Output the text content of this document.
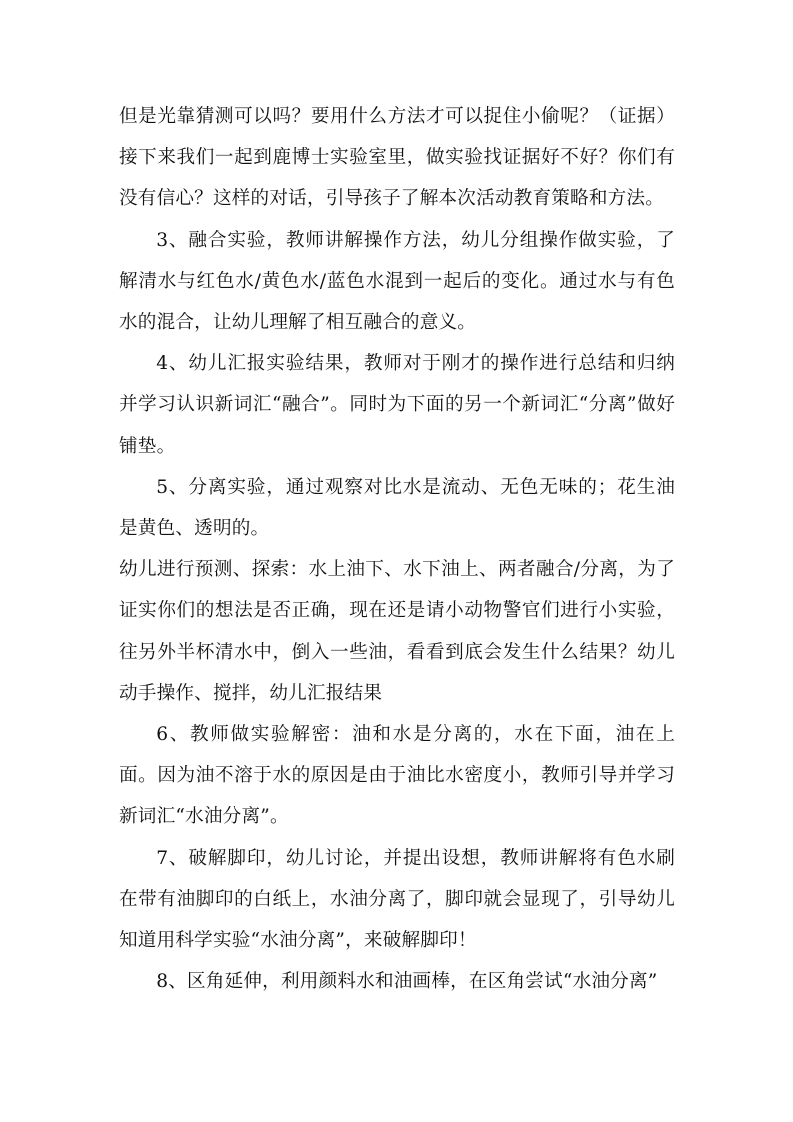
但是光靠猜测可以吗？要用什么方法才可以捉住小偷呢？（证据）接下来我们一起到鹿博士实验室里，做实验找证据好不好？你们有没有信心？这样的对话，引导孩子了解本次活动教育策略和方法。

3、融合实验，教师讲解操作方法，幼儿分组操作做实验，了解清水与红色水/黄色水/蓝色水混到一起后的变化。通过水与有色水的混合，让幼儿理解了相互融合的意义。

4、幼儿汇报实验结果，教师对于刚才的操作进行总结和归纳并学习认识新词汇“融合”。同时为下面的另一个新词汇“分离”做好铺垫。

5、分离实验，通过观察对比水是流动、无色无味的；花生油是黄色、透明的。

幼儿进行预测、探索：水上油下、水下油上、两者融合/分离，为了证实你们的想法是否正确，现在还是请小动物警官们进行小实验，往另外半杯清水中，倒入一些油，看看到底会发生什么结果？幼儿动手操作、搅拌，幼儿汇报结果

6、教师做实验解密：油和水是分离的，水在下面，油在上面。因为油不溶于水的原因是由于油比水密度小，教师引导并学习新词汇“水油分离”。

7、破解脚印，幼儿讨论，并提出设想，教师讲解将有色水刷在带有油脚印的白纸上，水油分离了，脚印就会显现了，引导幼儿知道用科学实验“水油分离”，来破解脚印！

8、区角延伸，利用颜料水和油画棒，在区角尝试“水油分离”
